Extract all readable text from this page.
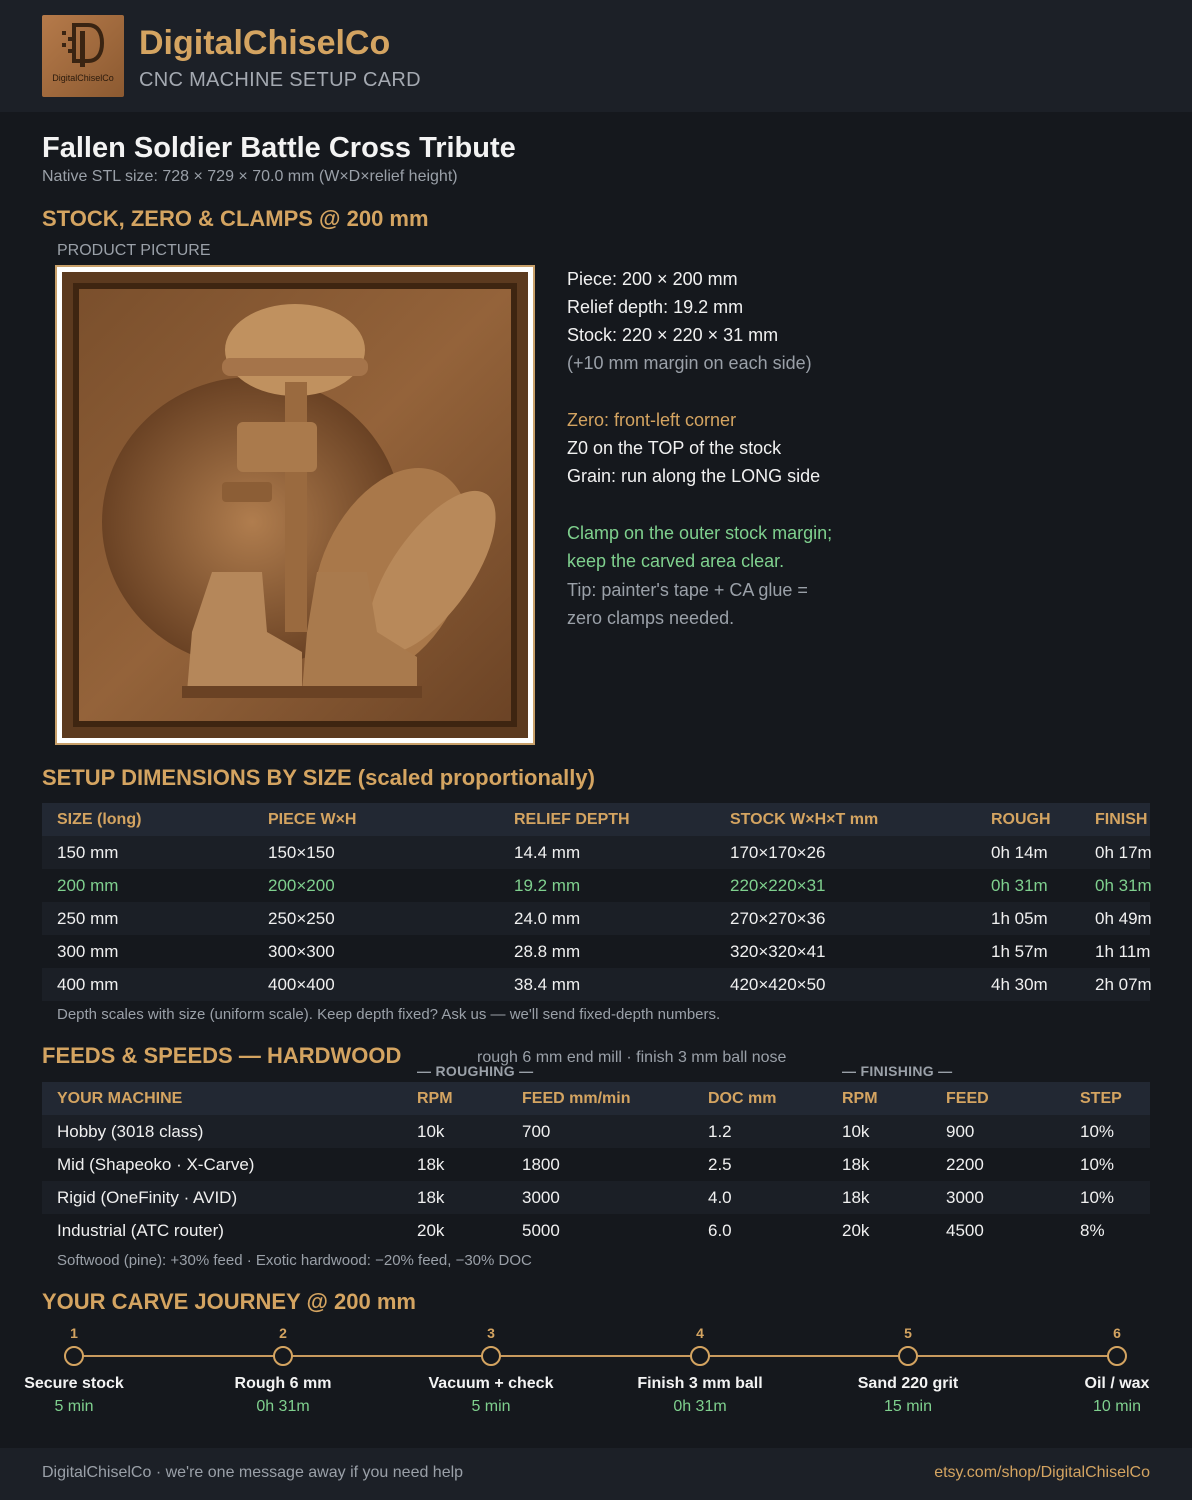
DigitalChiselCo
DigitalChiselCo
CNC MACHINE SETUP CARD
Fallen Soldier Battle Cross Tribute
Native STL size: 728 × 729 × 70.0 mm (W×D×relief height)
STOCK, ZERO & CLAMPS @ 200 mm
PRODUCT PICTURE
Piece: 200 × 200 mm
Relief depth: 19.2 mm
Stock: 220 × 220 × 31 mm
(+10 mm margin on each side)
Zero: front-left corner
Z0 on the TOP of the stock
Grain: run along the LONG side
Clamp on the outer stock margin;
keep the carved area clear.
Tip: painter's tape + CA glue =
zero clamps needed.
SETUP DIMENSIONS BY SIZE (scaled proportionally)
SIZE (long)	PIECE W×H	RELIEF DEPTH	STOCK W×H×T mm	ROUGH	FINISH
150 mm	150×150	14.4 mm	170×170×26	0h 14m	0h 17m
200 mm	200×200	19.2 mm	220×220×31	0h 31m	0h 31m
250 mm	250×250	24.0 mm	270×270×36	1h 05m	0h 49m
300 mm	300×300	28.8 mm	320×320×41	1h 57m	1h 11m
400 mm	400×400	38.4 mm	420×420×50	4h 30m	2h 07m
Depth scales with size (uniform scale). Keep depth fixed? Ask us — we'll send fixed-depth numbers.
FEEDS & SPEEDS — HARDWOOD	rough 6 mm end mill · finish 3 mm ball nose
— ROUGHING —	— FINISHING —
YOUR MACHINE	RPM	FEED mm/min	DOC mm	RPM	FEED	STEP
Hobby (3018 class)	10k	700	1.2	10k	900	10%
Mid (Shapeoko · X-Carve)	18k	1800	2.5	18k	2200	10%
Rigid (OneFinity · AVID)	18k	3000	4.0	18k	3000	10%
Industrial (ATC router)	20k	5000	6.0	20k	4500	8%
Softwood (pine): +30% feed · Exotic hardwood: −20% feed, −30% DOC
YOUR CARVE JOURNEY @ 200 mm
1
Secure stock
5 min
2
Rough 6 mm
0h 31m
3
Vacuum + check
5 min
4
Finish 3 mm ball
0h 31m
5
Sand 220 grit
15 min
6
Oil / wax
10 min
DigitalChiselCo · we're one message away if you need help	etsy.com/shop/DigitalChiselCo
